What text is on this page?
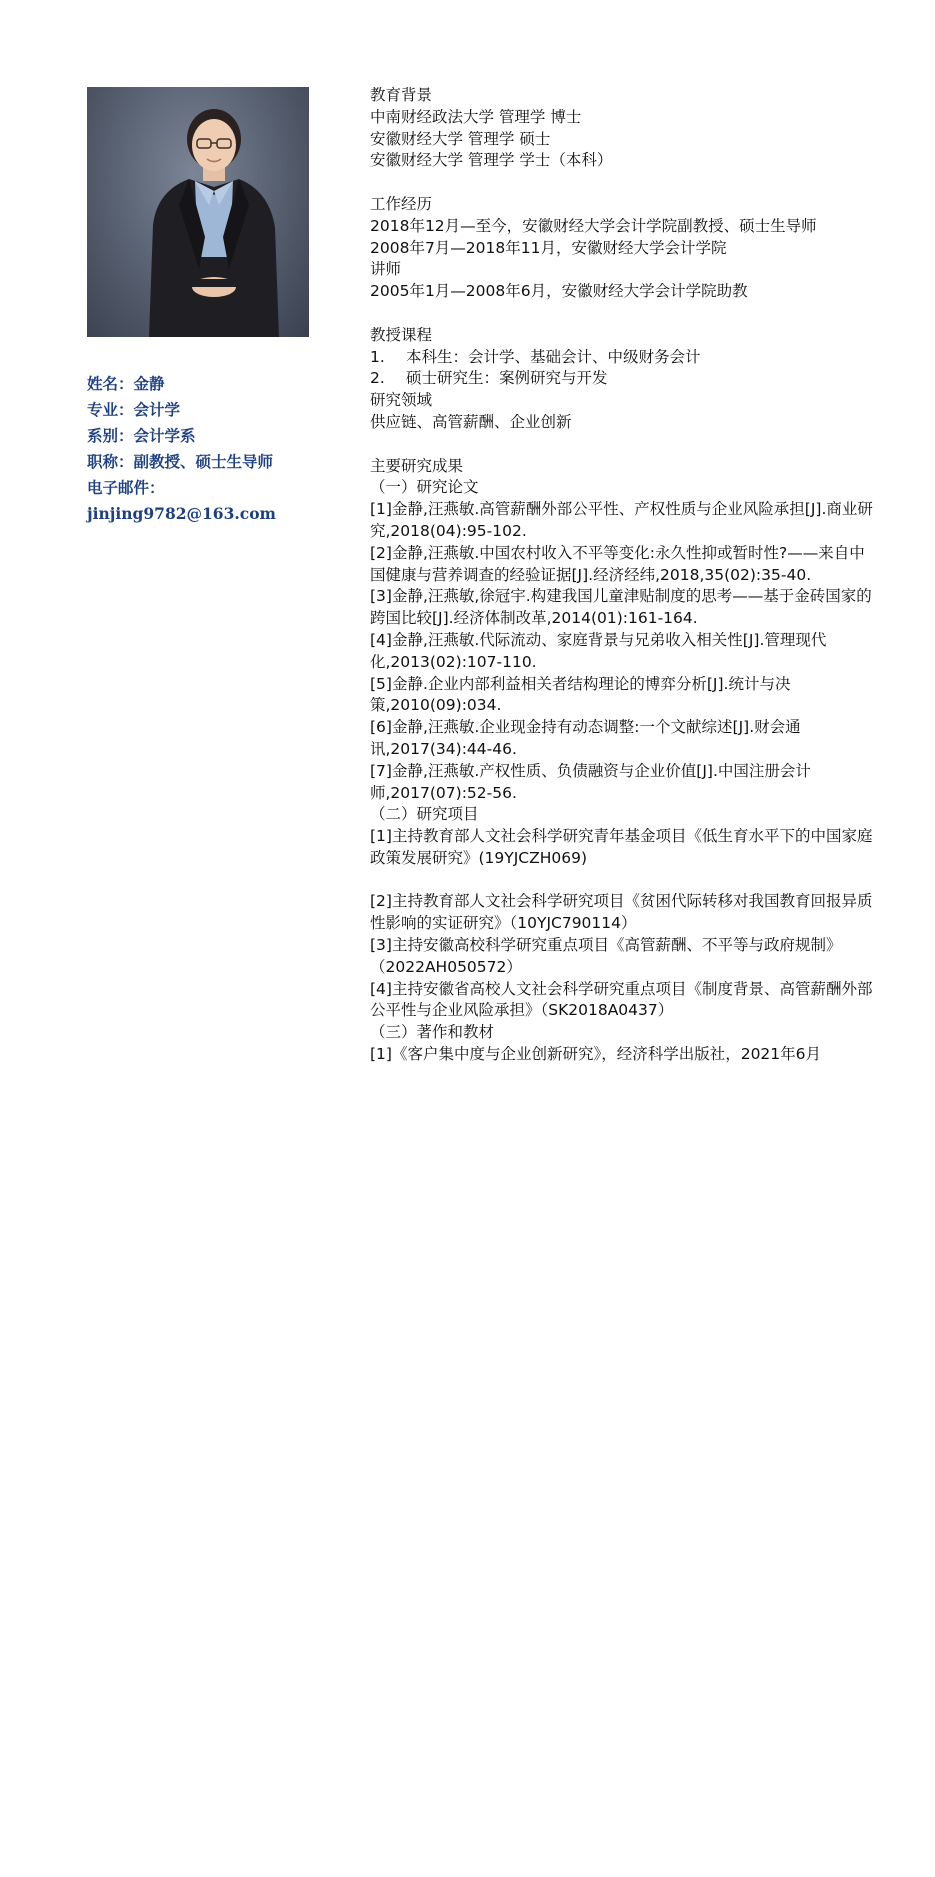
姓名：金静
专业：会计学
系别：会计学系
职称：副教授、硕士生导师
电子邮件：
jinjing9782@163.com
教育背景
中南财经政法大学 管理学 博士
安徽财经大学 管理学 硕士
安徽财经大学 管理学 学士（本科）
工作经历
2018年12月—至今，安徽财经大学会计学院副教授、硕士生导师
2008年7月—2018年11月，安徽财经大学会计学院
讲师
2005年1月—2008年6月，安徽财经大学会计学院助教
教授课程
1. 本科生：会计学、基础会计、中级财务会计
2. 硕士研究生：案例研究与开发
研究领域
供应链、高管薪酬、企业创新
主要研究成果
（一）研究论文
[1]金静,汪燕敏.高管薪酬外部公平性、产权性质与企业风险承担[J].商业研究,2018(04):95-102.
[2]金静,汪燕敏.中国农村收入不平等变化:永久性抑或暂时性?——来自中国健康与营养调查的经验证据[J].经济经纬,2018,35(02):35-40.
[3]金静,汪燕敏,徐冠宇.构建我国儿童津贴制度的思考——基于金砖国家的跨国比较[J].经济体制改革,2014(01):161-164.
[4]金静,汪燕敏.代际流动、家庭背景与兄弟收入相关性[J].管理现代化,2013(02):107-110.
[5]金静.企业内部利益相关者结构理论的博弈分析[J].统计与决策,2010(09):034.
[6]金静,汪燕敏.企业现金持有动态调整:一个文献综述[J].财会通讯,2017(34):44-46.
[7]金静,汪燕敏.产权性质、负债融资与企业价值[J].中国注册会计师,2017(07):52-56.
（二）研究项目
[1]主持教育部人文社会科学研究青年基金项目《低生育水平下的中国家庭政策发展研究》(19YJCZH069)
[2]主持教育部人文社会科学研究项目《贫困代际转移对我国教育回报异质性影响的实证研究》（10YJC790114）
[3]主持安徽高校科学研究重点项目《高管薪酬、不平等与政府规制》（2022AH050572）
[4]主持安徽省高校人文社会科学研究重点项目《制度背景、高管薪酬外部公平性与企业风险承担》（SK2018A0437）
（三）著作和教材
[1]《客户集中度与企业创新研究》，经济科学出版社，2021年6月
